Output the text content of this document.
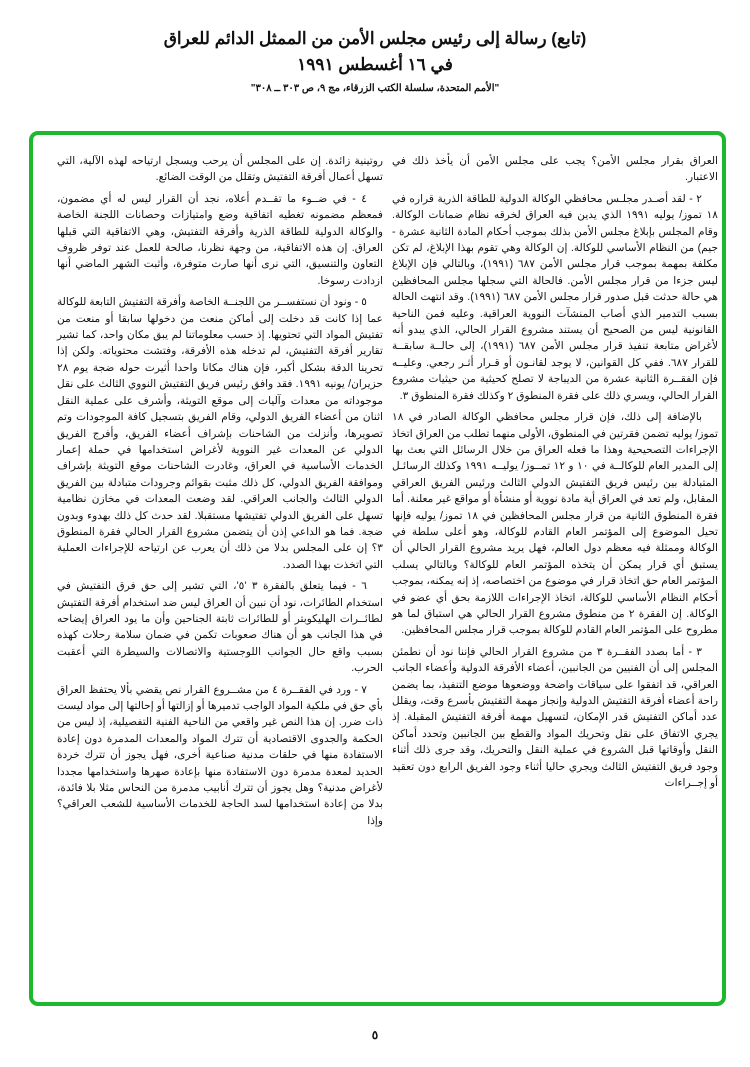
(تابع) رسالة إلى رئيس مجلس الأمن من الممثل الدائم للعراق
في ١٦ أغسطس ١٩٩١
"الأمم المتحدة، سلسلة الكتب الزرقاء، مج ٩، ص ٣٠٣ ــ ٣٠٨"

العراق بقرار مجلس الأمن؟ يجب على مجلس الأمن أن يأخذ ذلك في الاعتبار.

٢ - لقد أصـدر مجلـس محافظي الوكالة الدولية للطاقة الذرية قراره في ١٨ تموز/ يوليه ١٩٩١ الذي يدين فيه العراق لخرقه نظام ضمانات الوكالة. وقام المجلس بإبلاغ مجلس الأمن بذلك بموجب أحكام المادة الثانية عشرة - جيم) من النظام الأساسي للوكالة. إن الوكالة وهي تقوم بهذا الإبلاغ، لم تكن مكلفة بمهمة بموجب قرار مجلس الأمن ٦٨٧ (١٩٩١)، وبالتالي فإن الإبلاغ ليس جزءا من قرار مجلس الأمن. فالحالة التي سجلها مجلس المحافظين هي حالة حدثت قبل صدور قرار مجلس الأمن ٦٨٧ (١٩٩١). وقد انتهت الحالة بسبب التدمير الذي أصاب المنشآت النووية العراقية. وعليه فمن الناحية القانونية ليس من الصحيح أن يستند مشروع القرار الحالي، الذي يبدو أنه لأغراض متابعة تنفيذ قرار مجلس الأمن ٦٨٧ (١٩٩١)، إلى حالــة سابقــة للقرار ٦٨٧. ففي كل القوانين، لا يوجد لقانـون أو قـرار أثـر رجعي. وعليــه فإن الفقــرة الثانية عشرة من الديباجة لا تصلح كحيثية من حيثيات مشروع القرار الحالي، ويسري ذلك على فقرة المنطوق ٢ وكذلك فقرة المنطوق ٣.

بالإضافة إلى ذلك، فإن قرار مجلس محافظي الوكالة الصادر في ١٨ تموز/ يوليه تضمن فقرتين في المنطوق، الأولى منهما تطلب من العراق اتخاذ الإجراءات التصحيحية وهذا ما فعله العراق من خلال الرسائل التي بعث بها إلى المدير العام للوكالــة في ١٠ و ١٢ تمــوز/ يوليــه ١٩٩١ وكذلك الرسائـل المتبادلة بين رئيس فريق التفتيش الدولي الثالث ورئيس الفريق العراقي المقابل، ولم تعد في العراق أية مادة نووية أو منشأة أو مواقع غير معلنة. أما فقرة المنطوق الثانية من قرار مجلس المحافظين في ١٨ تموز/ يوليه فإنها تحيل الموضوع إلى المؤتمر العام القادم للوكالة، وهو أعلى سلطة في الوكالة وممثلة فيه معظم دول العالم، فهل يريد مشروع القرار الحالي أن يستبق أي قرار يمكن أن يتخذه المؤتمر العام للوكالة؟ وبالتالي يسلب المؤتمر العام حق اتخاذ قرار في موضوع من اختصاصه، إذ إنه يمكنه، بموجب أحكام النظام الأساسي للوكالة، اتخاذ الإجراءات اللازمة بحق أي عضو في الوكالة. إن الفقرة ٢ من منطوق مشروع القرار الحالي هي استباق لما هو مطروح على المؤتمر العام القادم للوكالة بموجب قرار مجلس المحافظين.

٣ - أما بصدد الفقــرة ٣ من مشروع القرار الحالي فإننا نود أن نطمئن المجلس إلى أن الفنيين من الجانبين، أعضاء الأفرقة الدولية وأعضاء الجانب العراقي، قد اتفقوا على سياقات واضحة ووضعوها موضع التنفيذ، بما يضمن راحة أعضاء أفرقة التفتيش الدولية وإنجاز مهمة التفتيش بأسرع وقت، ويقلل عدد أماكن التفتيش قدر الإمكان، لتسهيل مهمة أفرقة التفتيش المقبلة. إذ يجري الاتفاق على نقل وتحريك المواد والقطع بين الجانبين وتحدد أماكن النقل وأوقاتها قبل الشروع في عملية النقل والتحريك، وقد جرى ذلك أثناء وجود فريق التفتيش الثالث ويجري حاليا أثناء وجود الفريق الرابع دون تعقيد أو إجــراءات

روتينية زائدة. إن على المجلس أن يرحب ويسجل ارتياحه لهذه الآلية، التي تسهل أعمال أفرقة التفتيش وتقلل من الوقت الضائع.

٤ - في ضــوء ما تقــدم أعلاه، نجد أن القرار ليس له أي مضمون، فمعظم مضمونه تغطيه اتفاقية وضع وامتيازات وحصانات اللجنة الخاصة والوكالة الدولية للطاقة الذرية وأفرقة التفتيش، وهي الاتفاقية التي قبلها العراق. إن هذه الاتفاقية، من وجهة نظرنا، صالحة للعمل عند توفر ظروف التعاون والتنسيق، التي نرى أنها صارت متوفرة، وأثبت الشهر الماضي أنها ازدادت رسوخا.

٥ - ونود أن نستفســر من اللجنــة الخاصة وأفرقة التفتيش التابعة للوكالة عما إذا كانت قد دخلت إلى أماكن منعت من دخولها سابقا أو منعت من تفتيش المواد التي تحتويها. إذ حسب معلوماتنا لم يبق مكان واحد، كما تشير تقارير أفرقة التفتيش، لم تدخله هذه الأفرقة، وفتشت محتوياته. ولكن إذا تحرينا الدقة بشكل أكبر، فإن هناك مكانا واحدا أثيرت حوله ضجة يوم ٢٨ حزيران/ يونيه ١٩٩١. فقد وافق رئيس فريق التفتيش النووي الثالث على نقل موجوداته من معدات وآليات إلى موقع التويثة، وأشرف على عملية النقل اثنان من أعضاء الفريق الدولي، وقام الفريق بتسجيل كافة الموجودات وتم تصويرها، وأنزلت من الشاحنات بإشراف أعضاء الفريق، وأفرج الفريق الدولي عن المعدات غير النووية لأغراض استخدامها في حملة إعمار الخدمات الأساسية في العراق، وغادرت الشاحنات موقع التويثة بإشراف وموافقة الفريق الدولي، كل ذلك مثبت بقوائم وجرودات متبادلة بين الفريق الدولي الثالث والجانب العراقي. لقد وضعت المعدات في مخازن نظامية تسهل على الفريق الدولي تفتيشها مستقبلا. لقد حدث كل ذلك بهدوء وبدون ضجة. فما هو الداعي إذن أن يتضمن مشروع القرار الحالي فقرة المنطوق ٣؟ إن على المجلس بدلا من ذلك أن يعرب عن ارتياحه للإجراءات العملية التي اتخذت بهذا الصدد.

٦ - فيما يتعلق بالفقرة ٣ '٥'، التي تشير إلى حق فرق التفتيش في استخدام الطائرات، نود أن نبين أن العراق ليس ضد استخدام أفرقة التفتيش لطائــرات الهليكوبتر أو للطائرات ثابتة الجناحين وأن ما يود العراق إيضاحه في هذا الجانب هو أن هناك صعوبات تكمن في ضمان سلامة رحلات كهذه بسبب واقع حال الجوانب اللوجستية والاتصالات والسيطرة التي أعقبت الحرب.

٧ - ورد في الفقــرة ٤ من مشــروع القرار نص يقضي بألا يحتفظ العراق بأي حق في ملكية المواد الواجب تدميرها أو إزالتها أو إحالتها إلى مواد ليست ذات ضرر. إن هذا النص غير واقعي من الناحية الفنية التفصيلية، إذ ليس من الحكمة والجدوى الاقتصادية أن تترك المواد والمعدات المدمرة دون إعادة الاستفادة منها في حلقات مدنية صناعية أخرى، فهل يجوز أن تترك خردة الحديد لمعدة مدمرة دون الاستفادة منها بإعادة صهرها واستخدامها مجددا لأغراض مدنية؟ وهل يجوز أن تترك أنابيب مدمرة من النحاس مثلا بلا فائدة، بدلا من إعادة استخدامها لسد الحاجة للخدمات الأساسية للشعب العراقي؟ وإذا

٥
